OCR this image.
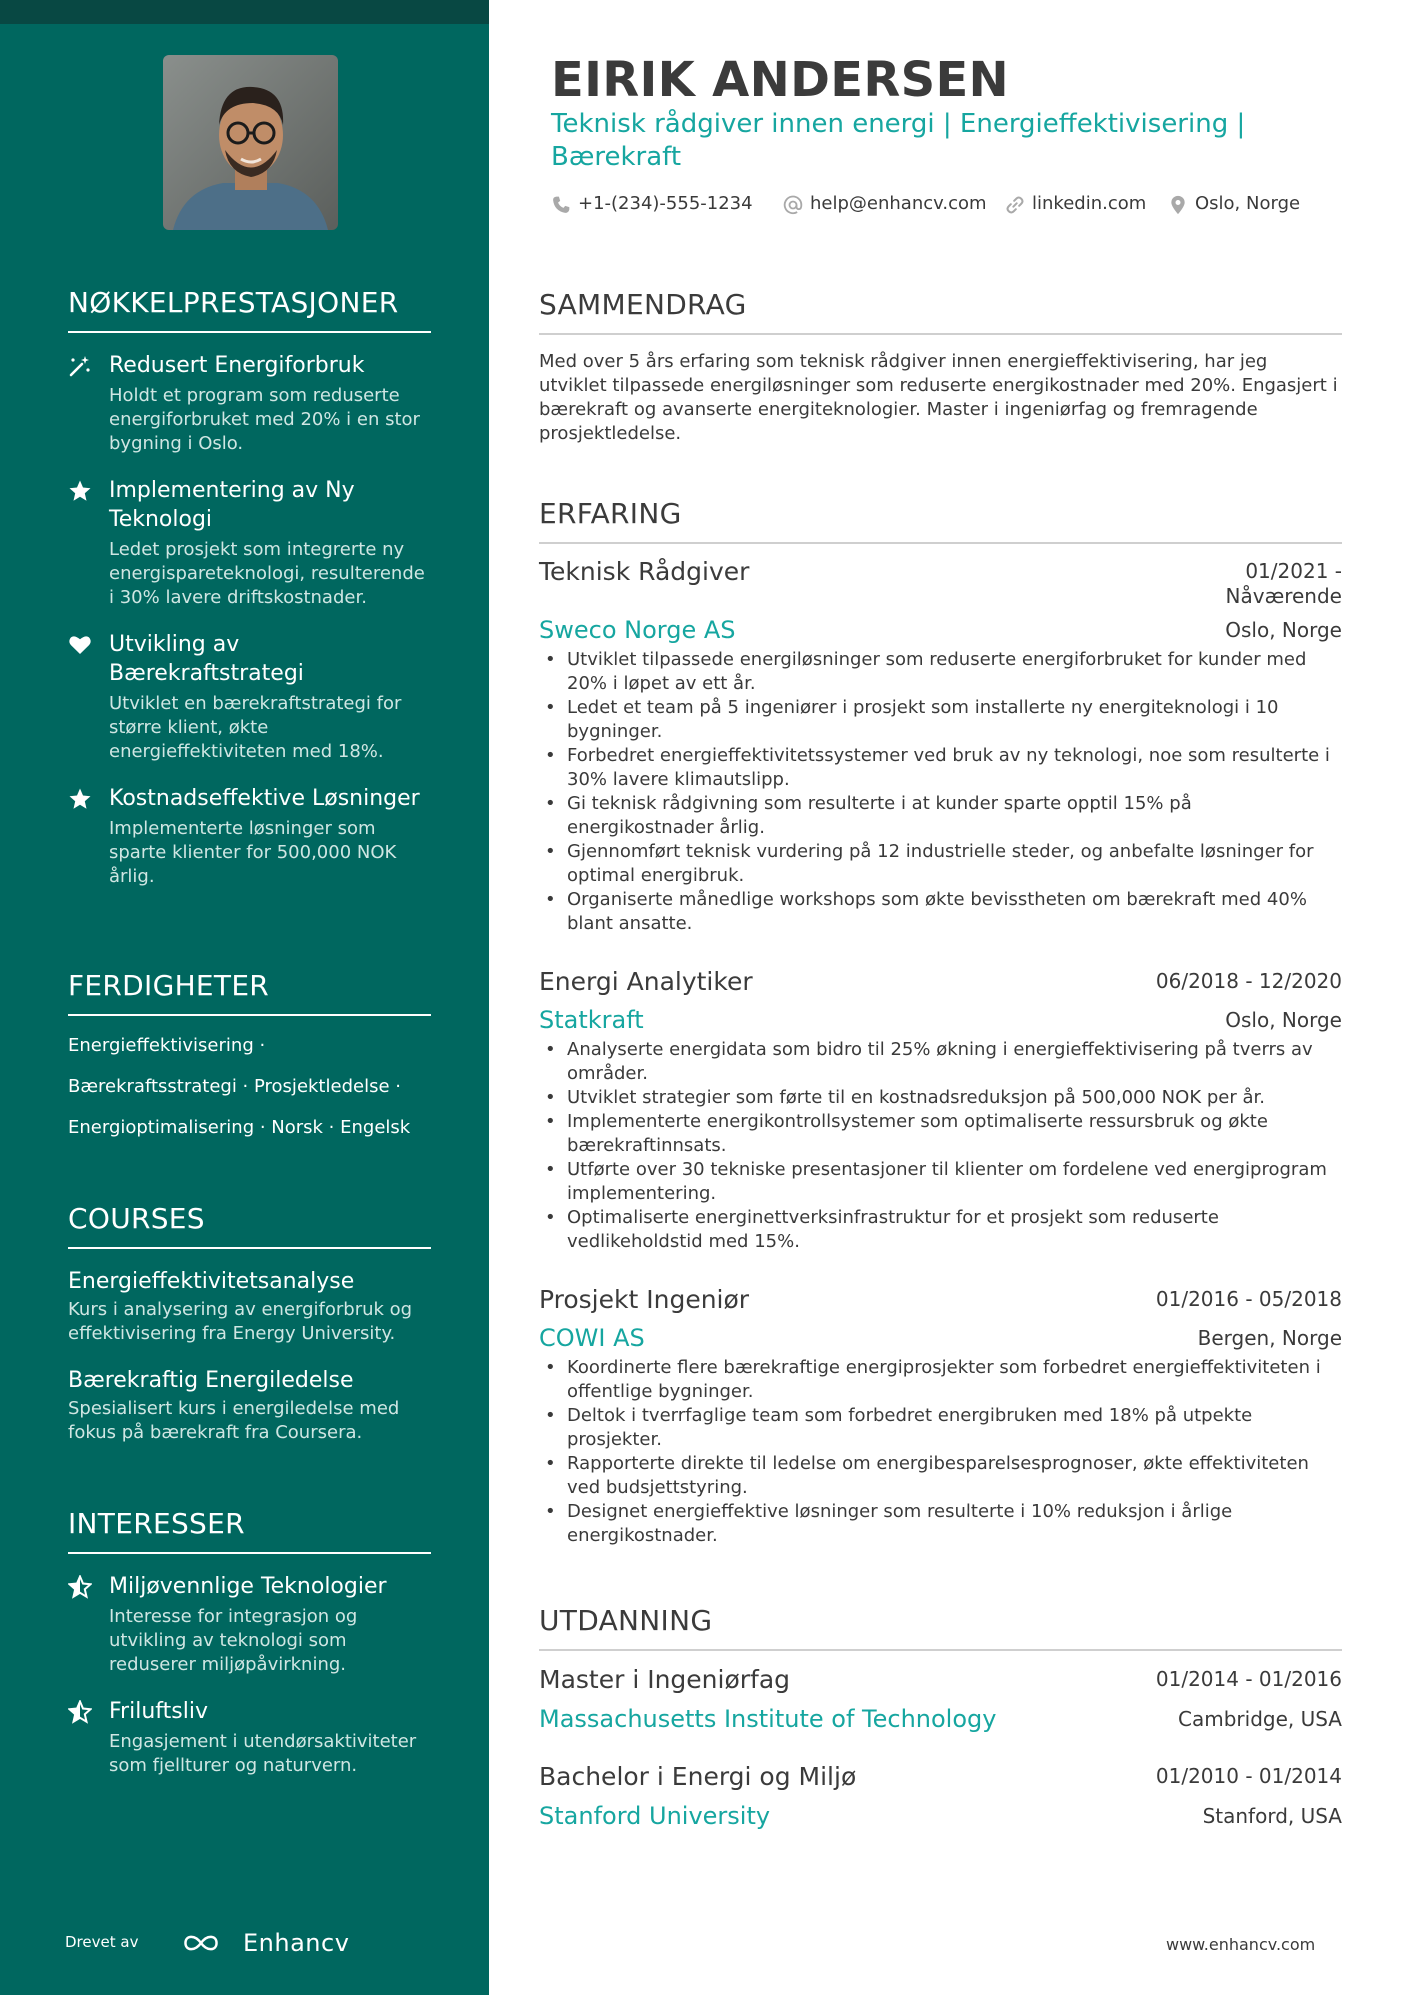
NØKKELPRESTASJONER
Redusert Energiforbruk
Holdt et program som reduserte energiforbruket med 20% i en stor bygning i Oslo.
Implementering av Ny Teknologi
Ledet prosjekt som integrerte ny energispareteknologi, resulterende i 30% lavere driftskostnader.
Utvikling av Bærekraftstrategi
Utviklet en bærekraftstrategi for større klient, økte energieffektiviteten med 18%.
Kostnadseffektive Løsninger
Implementerte løsninger som sparte klienter for 500,000 NOK årlig.
FERDIGHETER
Energieffektivisering ·
Bærekraftsstrategi · Prosjektledelse ·
Energioptimalisering · Norsk · Engelsk
COURSES
Energieffektivitetsanalyse
Kurs i analysering av energiforbruk og effektivisering fra Energy University.
Bærekraftig Energiledelse
Spesialisert kurs i energiledelse med fokus på bærekraft fra Coursera.
INTERESSER
Miljøvennlige Teknologier
Interesse for integrasjon og utvikling av teknologi som reduserer miljøpåvirkning.
Friluftsliv
Engasjement i utendørsaktiviteter som fjellturer og naturvern.
Drevet av	Enhancv
EIRIK ANDERSEN
Teknisk rådgiver innen energi | Energieffektivisering | Bærekraft
+1-(234)-555-1234	help@enhancv.com	linkedin.com	Oslo, Norge
SAMMENDRAG
Med over 5 års erfaring som teknisk rådgiver innen energieffektivisering, har jeg utviklet tilpassede energiløsninger som reduserte energikostnader med 20%. Engasjert i bærekraft og avanserte energiteknologier. Master i ingeniørfag og fremragende prosjektledelse.
ERFARING
Teknisk Rådgiver	01/2021 -
Nåværende
Sweco Norge AS	Oslo, Norge
• Utviklet tilpassede energiløsninger som reduserte energiforbruket for kunder med 20% i løpet av ett år.
• Ledet et team på 5 ingeniører i prosjekt som installerte ny energiteknologi i 10 bygninger.
• Forbedret energieffektivitetssystemer ved bruk av ny teknologi, noe som resulterte i 30% lavere klimautslipp.
• Gi teknisk rådgivning som resulterte i at kunder sparte opptil 15% på energikostnader årlig.
• Gjennomført teknisk vurdering på 12 industrielle steder, og anbefalte løsninger for optimal energibruk.
• Organiserte månedlige workshops som økte bevisstheten om bærekraft med 40% blant ansatte.
Energi Analytiker	06/2018 - 12/2020
Statkraft	Oslo, Norge
• Analyserte energidata som bidro til 25% økning i energieffektivisering på tverrs av områder.
• Utviklet strategier som førte til en kostnadsreduksjon på 500,000 NOK per år.
• Implementerte energikontrollsystemer som optimaliserte ressursbruk og økte bærekraftinnsats.
• Utførte over 30 tekniske presentasjoner til klienter om fordelene ved energiprogram implementering.
• Optimaliserte energinettverksinfrastruktur for et prosjekt som reduserte vedlikeholdstid med 15%.
Prosjekt Ingeniør	01/2016 - 05/2018
COWI AS	Bergen, Norge
• Koordinerte flere bærekraftige energiprosjekter som forbedret energieffektiviteten i offentlige bygninger.
• Deltok i tverrfaglige team som forbedret energibruken med 18% på utpekte prosjekter.
• Rapporterte direkte til ledelse om energibesparelsesprognoser, økte effektiviteten ved budsjettstyring.
• Designet energieffektive løsninger som resulterte i 10% reduksjon i årlige energikostnader.
UTDANNING
Master i Ingeniørfag	01/2014 - 01/2016
Massachusetts Institute of Technology	Cambridge, USA
Bachelor i Energi og Miljø	01/2010 - 01/2014
Stanford University	Stanford, USA
www.enhancv.com
